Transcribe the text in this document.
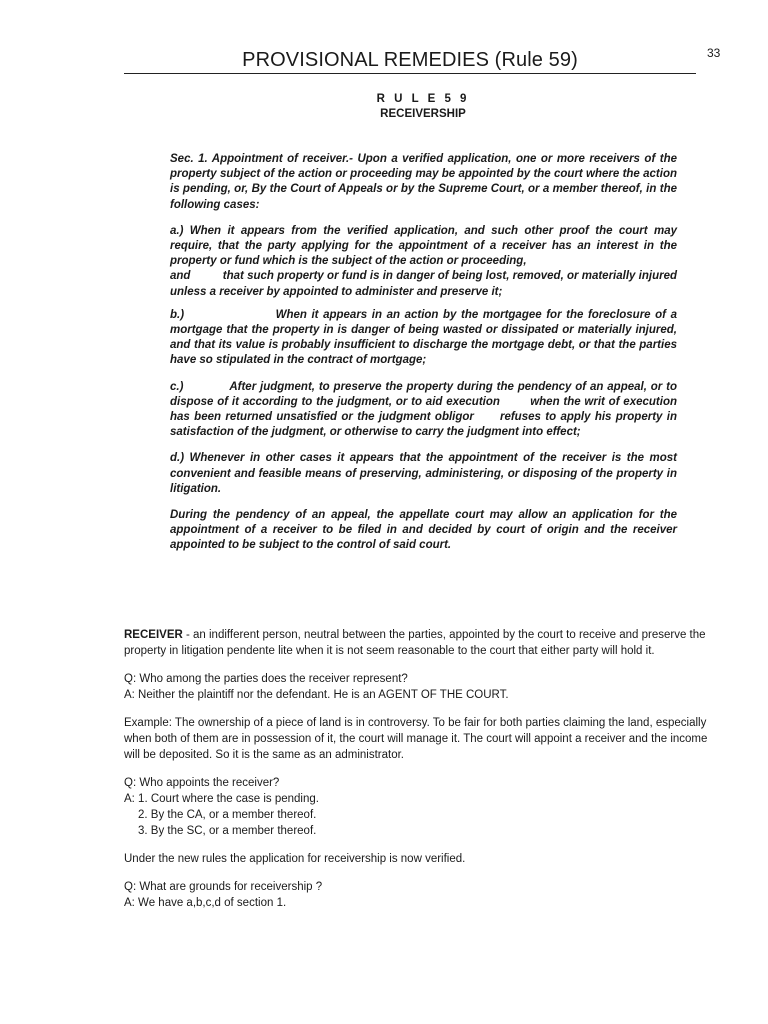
33
PROVISIONAL REMEDIES (Rule 59)
R U L E 5 9
RECEIVERSHIP

Sec. 1. Appointment of receiver.- Upon a verified application, one or more receivers of the property subject of the action or proceeding may be appointed by the court where the action is pending, or, By the Court of Appeals or by the Supreme Court, or a member thereof, in the following cases:

a.) When it appears from the verified application, and such other proof the court may require, that the party applying for the appointment of a receiver has an interest in the property or fund which is the subject of the action or proceeding,
and          that such property or fund is in danger of being lost, removed, or materially injured unless a receiver by appointed to administer and preserve it;

b.)                    When it appears in an action by the mortgagee for the foreclosure of a mortgage that the property in is danger of being wasted or dissipated or materially injured, and that its value is probably insufficient to discharge the mortgage debt, or that the parties have so stipulated in the contract of mortgage;

c.)            After judgment, to preserve the property during the pendency of an appeal, or to dispose of it according to the judgment, or to aid execution        when the writ of execution has been returned unsatisfied or the judgment obligor      refuses to apply his property in satisfaction of the judgment, or otherwise to carry the judgment into effect;

d.) Whenever in other cases it appears that the appointment of the receiver is the most convenient and feasible means of preserving, administering, or disposing of the property in litigation.

During the pendency of an appeal, the appellate court may allow an application for the appointment of a receiver to be filed in and decided by court of origin and the receiver appointed to be subject to the control of said court.

RECEIVER - an indifferent person, neutral between the parties, appointed by the court to receive and preserve the property in litigation pendente lite when it is not seem reasonable to the court that either party will hold it.

Q: Who among the parties does the receiver represent?
A: Neither the plaintiff nor the defendant. He is an AGENT OF THE COURT.

Example: The ownership of a piece of land is in controversy. To be fair for both parties claiming the land, especially when both of them are in possession of it, the court will manage it. The court will appoint a receiver and the income will be deposited. So it is the same as an administrator.

Q: Who appoints the receiver?
A: 1. Court where the case is pending.
2. By the CA, or a member thereof.
3. By the SC, or a member thereof.

Under the new rules the application for receivership is now verified.

Q: What are grounds for receivership ?
A: We have a,b,c,d of section 1.
